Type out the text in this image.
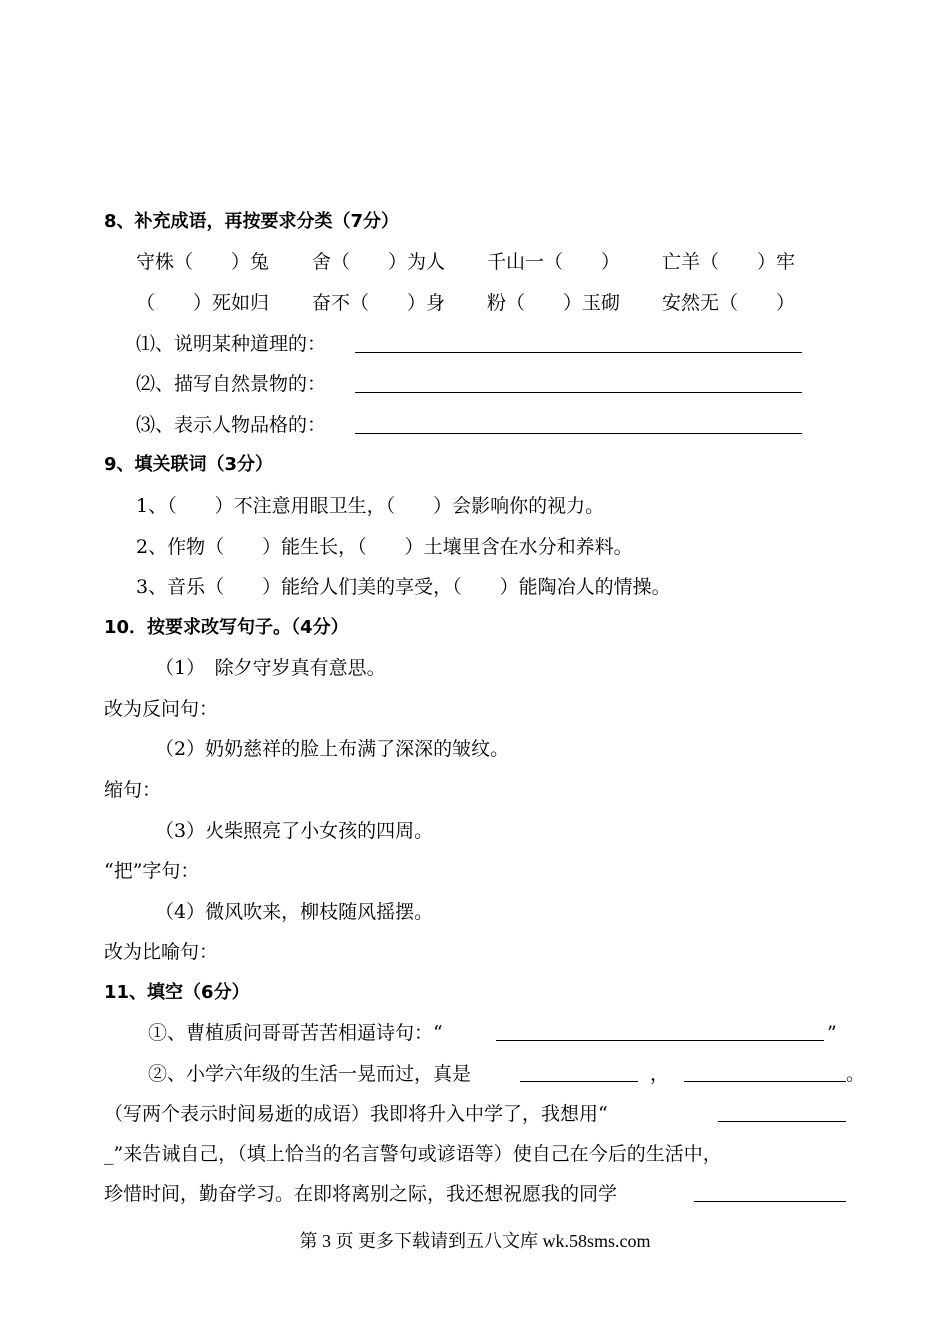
8、补充成语，再按要求分类（7分）
守株（　　）兔 舍（　　）为人 千山一（　　） 亡羊（　　）牢
（　　）死如归 奋不（　　）身 粉（　　）玉砌 安然无（　　）
⑴、说明某种道理的：
⑵、描写自然景物的：
⑶、表示人物品格的：
9、填关联词（3分）
1、（　　）不注意用眼卫生，（　　）会影响你的视力。
2、作物（　　）能生长，（　　）土壤里含在水分和养料。
3、音乐（　　）能给人们美的享受，（　　）能陶冶人的情操。
10．按要求改写句子。（4分）
（1）　除夕守岁真有意思。
改为反问句：
（2）奶奶慈祥的脸上布满了深深的皱纹。
缩句：
（3）火柴照亮了小女孩的四周。
“把”字句：
（4）微风吹来，柳枝随风摇摆。
改为比喻句：
11、填空（6分）
①、曹植质问哥哥苦苦相逼诗句：“	”
②、小学六年级的生活一晃而过，真是	，	。
（写两个表示时间易逝的成语）我即将升入中学了，我想用“
_”来告诫自己，（填上恰当的名言警句或谚语等）使自己在今后的生活中，
珍惜时间，勤奋学习。在即将离别之际，我还想祝愿我的同学
第 3 页 更多下载请到五八文库 wk.58sms.com
